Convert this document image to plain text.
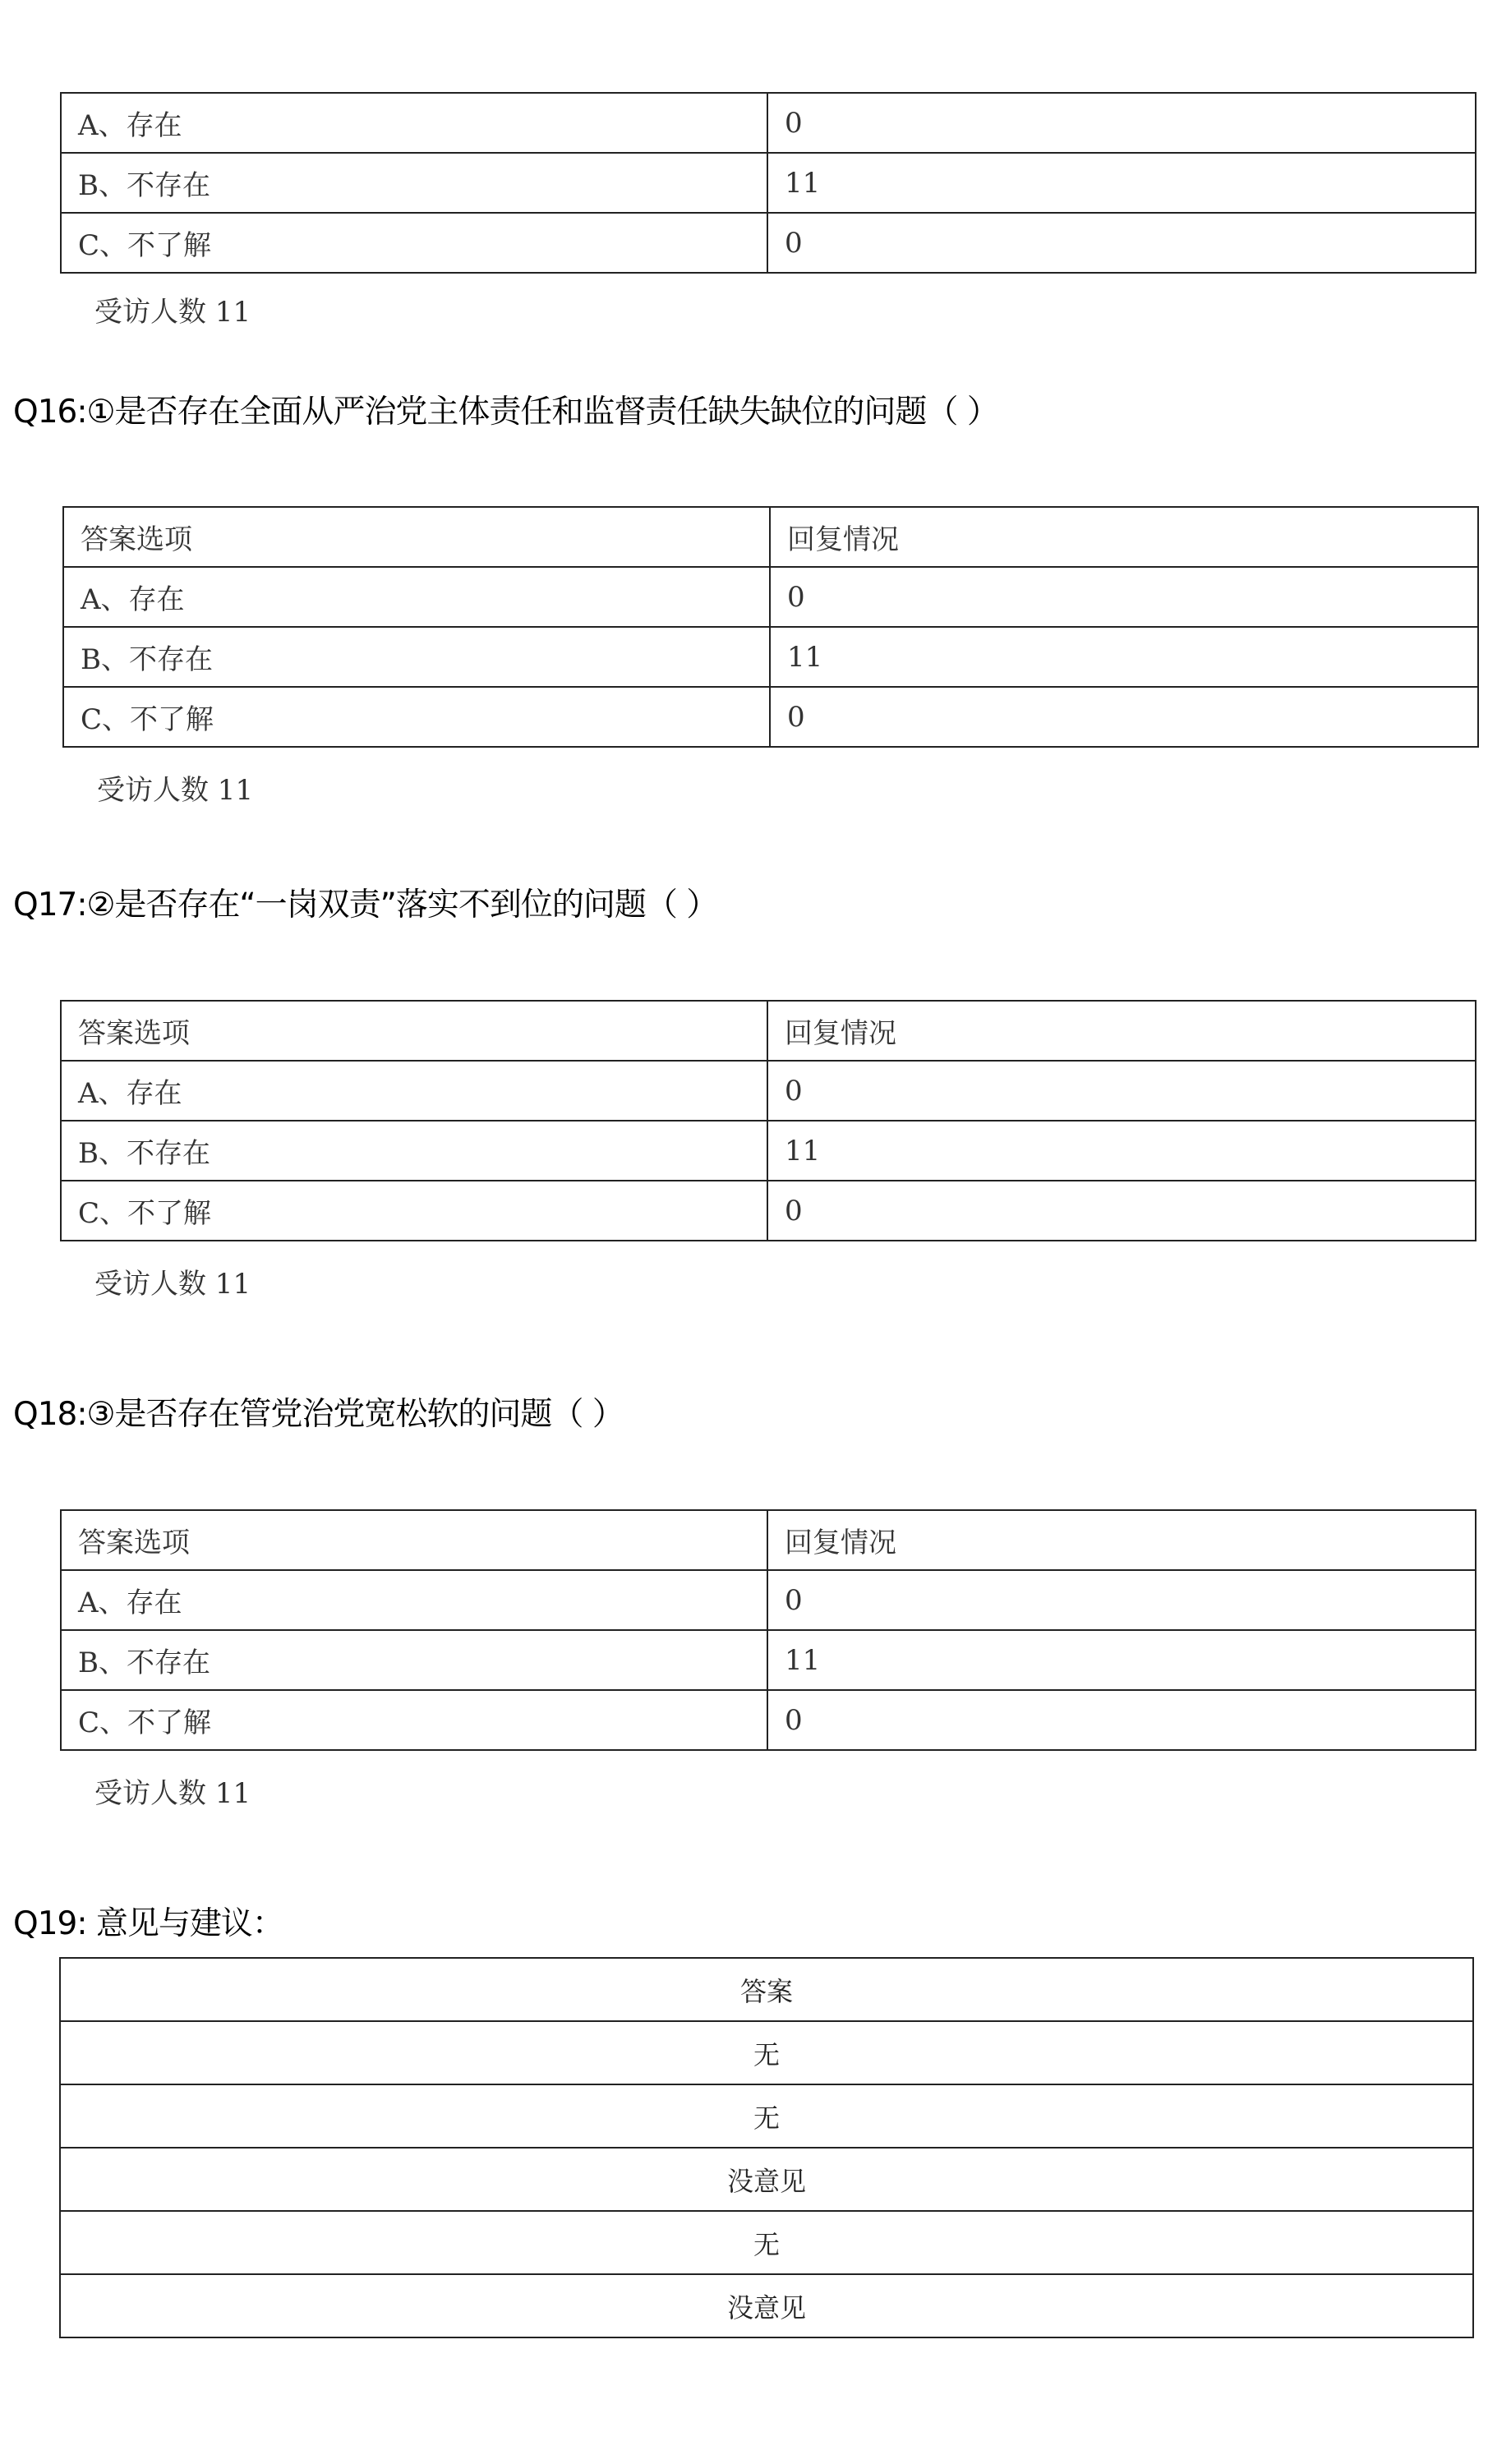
A、存在	0
B、不存在	11
C、不了解	0
受访人数 11
Q16:①是否存在全面从严治党主体责任和监督责任缺失缺位的问题（ ）
答案选项	回复情况
A、存在	0
B、不存在	11
C、不了解	0
受访人数 11
Q17:②是否存在“一岗双责”落实不到位的问题（ ）
答案选项	回复情况
A、存在	0
B、不存在	11
C、不了解	0
受访人数 11
Q18:③是否存在管党治党宽松软的问题（ ）
答案选项	回复情况
A、存在	0
B、不存在	11
C、不了解	0
受访人数 11
Q19: 意见与建议：
答案
无
无
没意见
无
没意见
